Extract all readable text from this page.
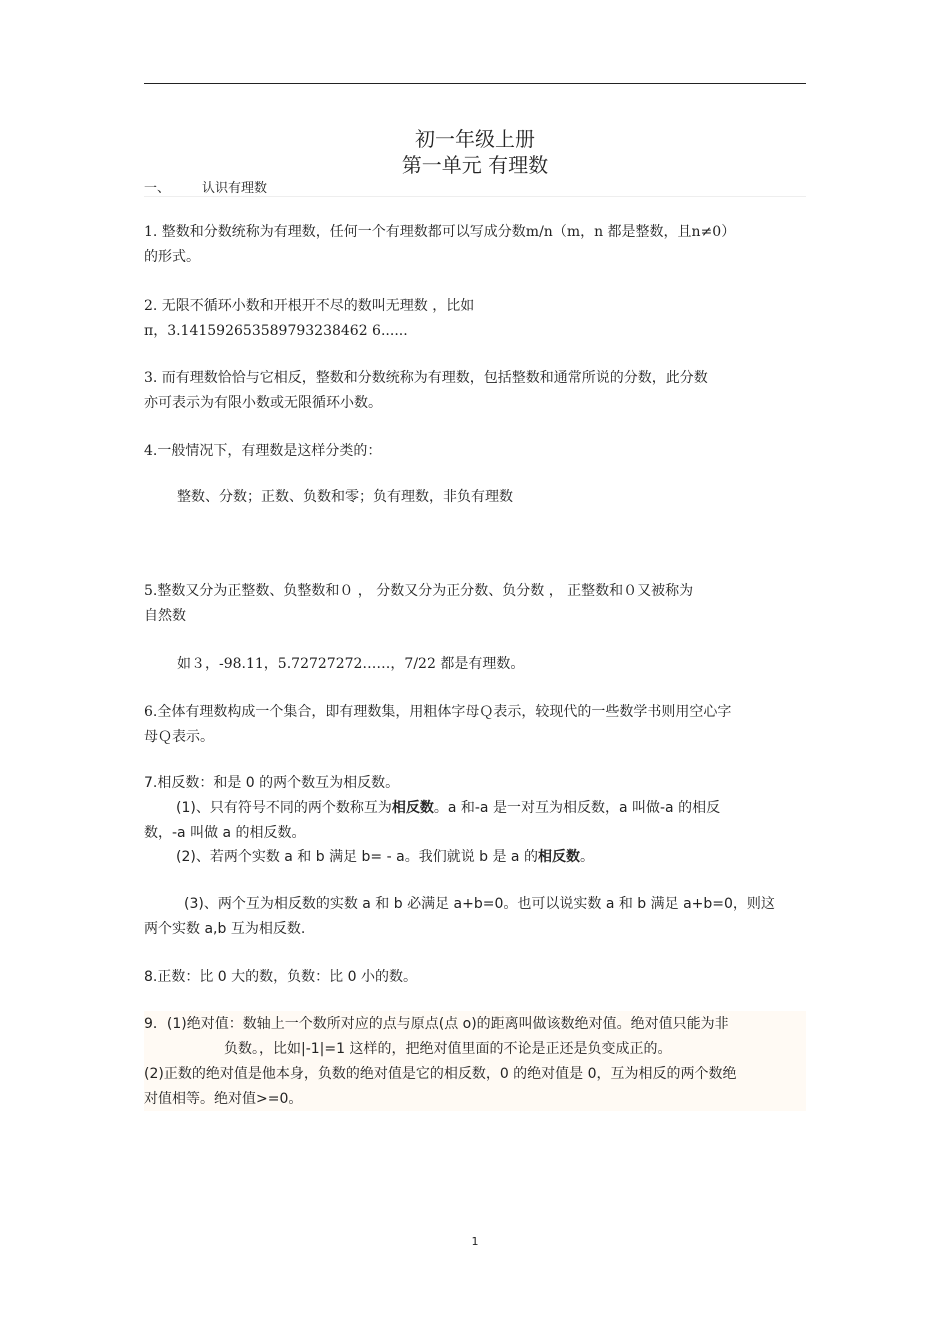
初一年级上册
第一单元 有理数
一、 认识有理数
1. 整数和分数统称为有理数，任何一个有理数都可以写成分数m/n（m，n 都是整数，且n≠0）
的形式。
2. 无限不循环小数和开根开不尽的数叫无理数 ，比如
π，3.141592653589793238462 6......
3. 而有理数恰恰与它相反，整数和分数统称为有理数，包括整数和通常所说的分数，此分数
亦可表示为有限小数或无限循环小数。
4.一般情况下，有理数是这样分类的：
整数、分数；正数、负数和零；负有理数，非负有理数
5.整数又分为正整数、负整数和０ ， 分数又分为正分数、负分数 ， 正整数和０又被称为
自然数
如３，-98.11，5.72727272……，7/22 都是有理数。
6.全体有理数构成一个集合，即有理数集，用粗体字母Ｑ表示，较现代的一些数学书则用空心字
母Ｑ表示。
7.相反数：和是 0 的两个数互为相反数。
(1)、只有符号不同的两个数称互为相反数。a 和-a 是一对互为相反数，a 叫做-a 的相反
数，-a 叫做 a 的相反数。
(2)、若两个实数 a 和 b 满足 b= - a。我们就说 b 是 a 的相反数。
(3)、两个互为相反数的实数 a 和 b 必满足 a+b=0。也可以说实数 a 和 b 满足 a+b=0，则这
两个实数 a,b 互为相反数.
8.正数：比 0 大的数，负数：比 0 小的数。
9．(1)绝对值：数轴上一个数所对应的点与原点(点 o)的距离叫做该数绝对值。绝对值只能为非
负数。，比如|-1|=1 这样的，把绝对值里面的不论是正还是负变成正的。
(2)正数的绝对值是他本身，负数的绝对值是它的相反数，0 的绝对值是 0，互为相反的两个数绝
对值相等。绝对值>=0。
1
